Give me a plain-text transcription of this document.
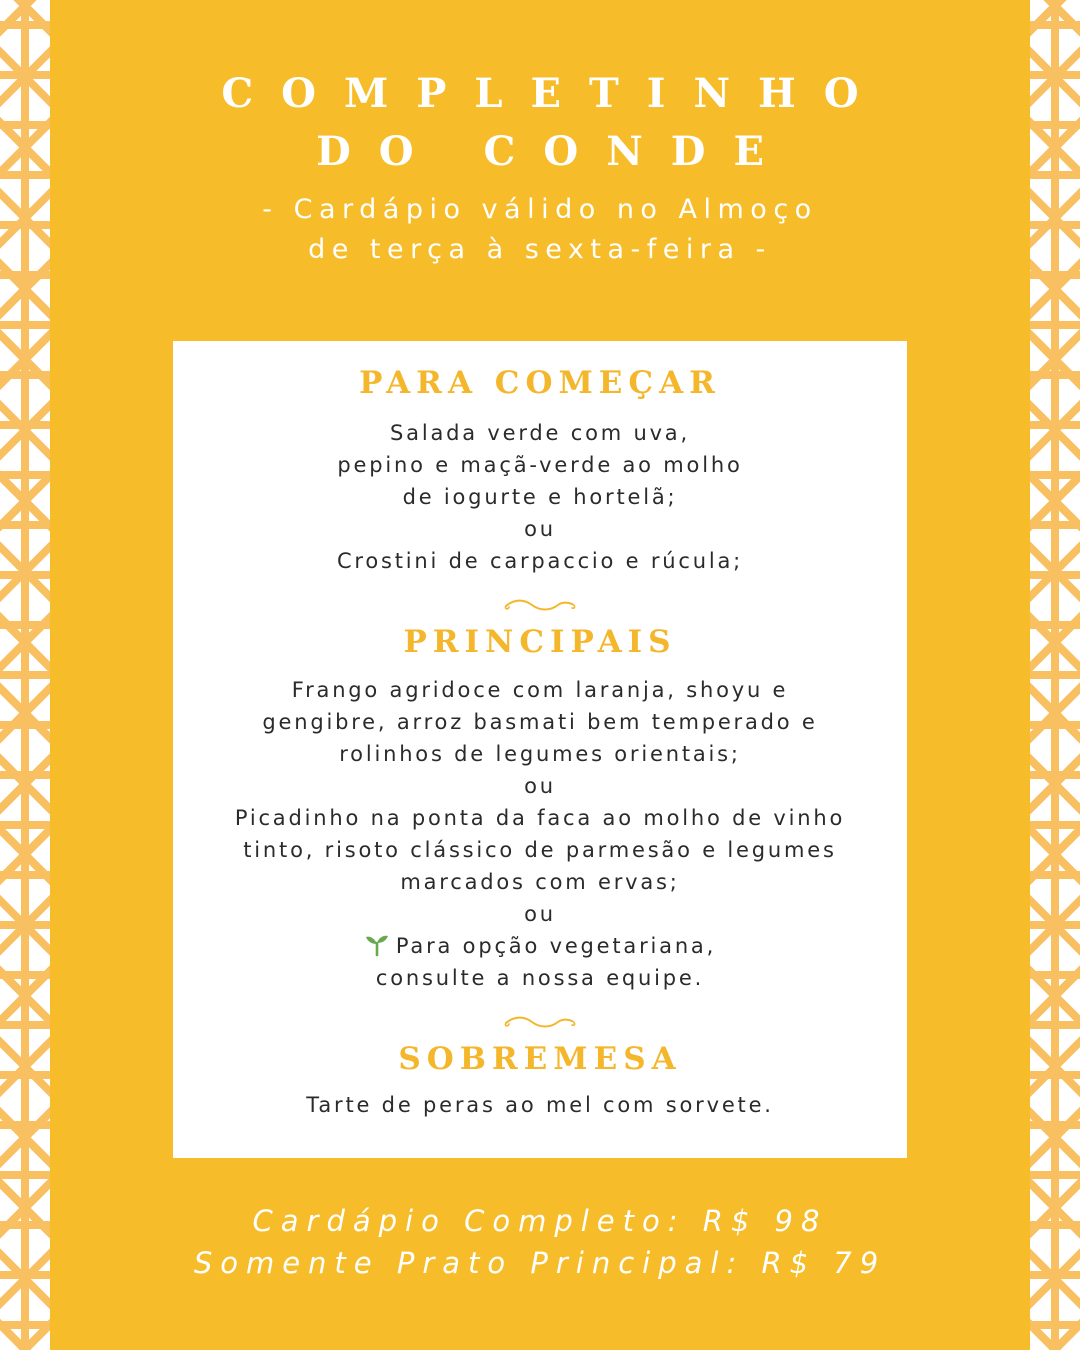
COMPLETINHO
DO CONDE
- Cardápio válido no Almoço
de terça à sexta-feira -
PARA COMEÇAR
Salada verde com uva,
pepino e maçã-verde ao molho
de iogurte e hortelã;
ou
Crostini de carpaccio e rúcula;
PRINCIPAIS
Frango agridoce com laranja, shoyu e
gengibre, arroz basmati bem temperado e
rolinhos de legumes orientais;
ou
Picadinho na ponta da faca ao molho de vinho
tinto, risoto clássico de parmesão e legumes
marcados com ervas;
ou
Para opção vegetariana,
consulte a nossa equipe.
SOBREMESA
Tarte de peras ao mel com sorvete.
Cardápio Completo: R$ 98
Somente Prato Principal: R$ 79
